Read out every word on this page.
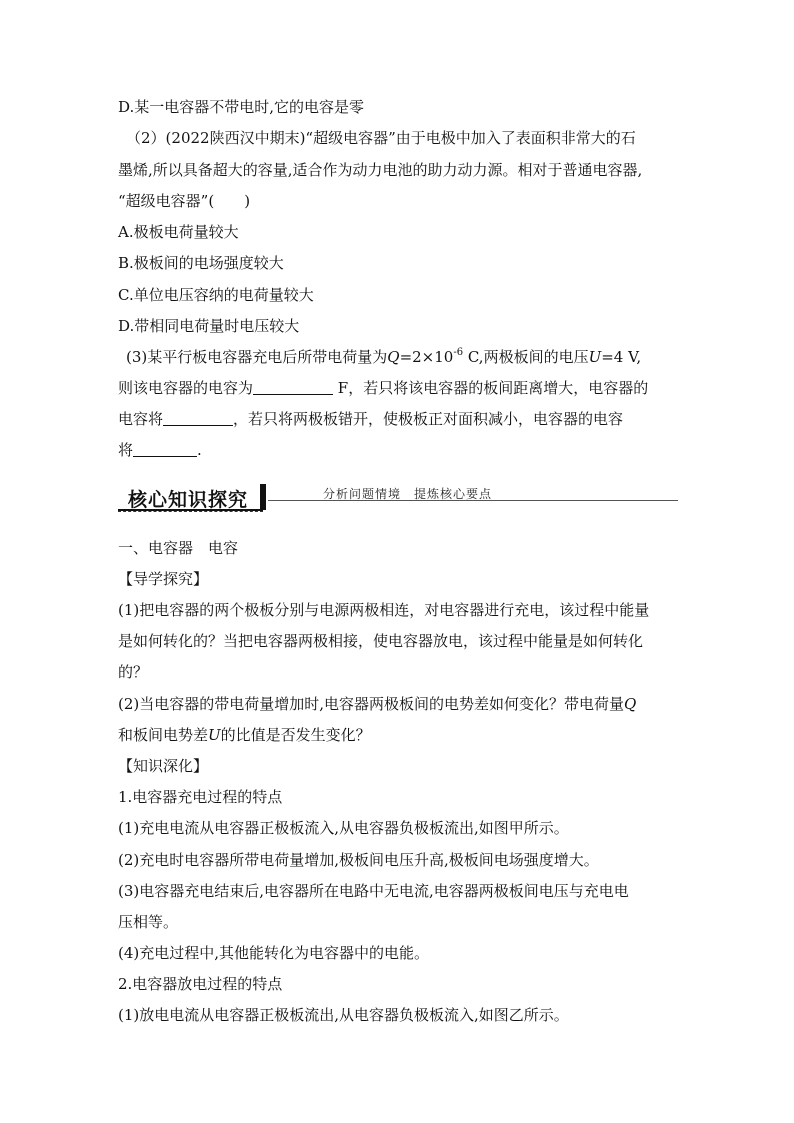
D.某一电容器不带电时,它的电容是零
（2）(2022陕西汉中期末)“超级电容器”由于电极中加入了表面积非常大的石
墨烯,所以具备超大的容量,适合作为动力电池的助力动力源。相对于普通电容器,
“超级电容器”(　　)
A.极板电荷量较大
B.极板间的电场强度较大
C.单位电压容纳的电荷量较大
D.带相同电荷量时电压较大
(3)某平行板电容器充电后所带电荷量为$Q=2\times 10^{-6}$ C,两极板间的电压U=4 V,
则该电容器的电容为	F，若只将该电容器的板间距离增大，电容器的
电容将	，若只将两极板错开，使极板正对面积减小，电容器的电容
将	.
核心知识探究	分析问题情境　提炼核心要点
一、电容器　电容
【导学探究】
(1)把电容器的两个极板分别与电源两极相连，对电容器进行充电，该过程中能量
是如何转化的？当把电容器两极相接，使电容器放电，该过程中能量是如何转化
的？
(2)当电容器的带电荷量增加时,电容器两极板间的电势差如何变化？带电荷量Q
和板间电势差U的比值是否发生变化？
【知识深化】
1.电容器充电过程的特点
(1)充电电流从电容器正极板流入,从电容器负极板流出,如图甲所示。
(2)充电时电容器所带电荷量增加,极板间电压升高,极板间电场强度增大。
(3)电容器充电结束后,电容器所在电路中无电流,电容器两极板间电压与充电电
压相等。
(4)充电过程中,其他能转化为电容器中的电能。
2.电容器放电过程的特点
(1)放电电流从电容器正极板流出,从电容器负极板流入,如图乙所示。
